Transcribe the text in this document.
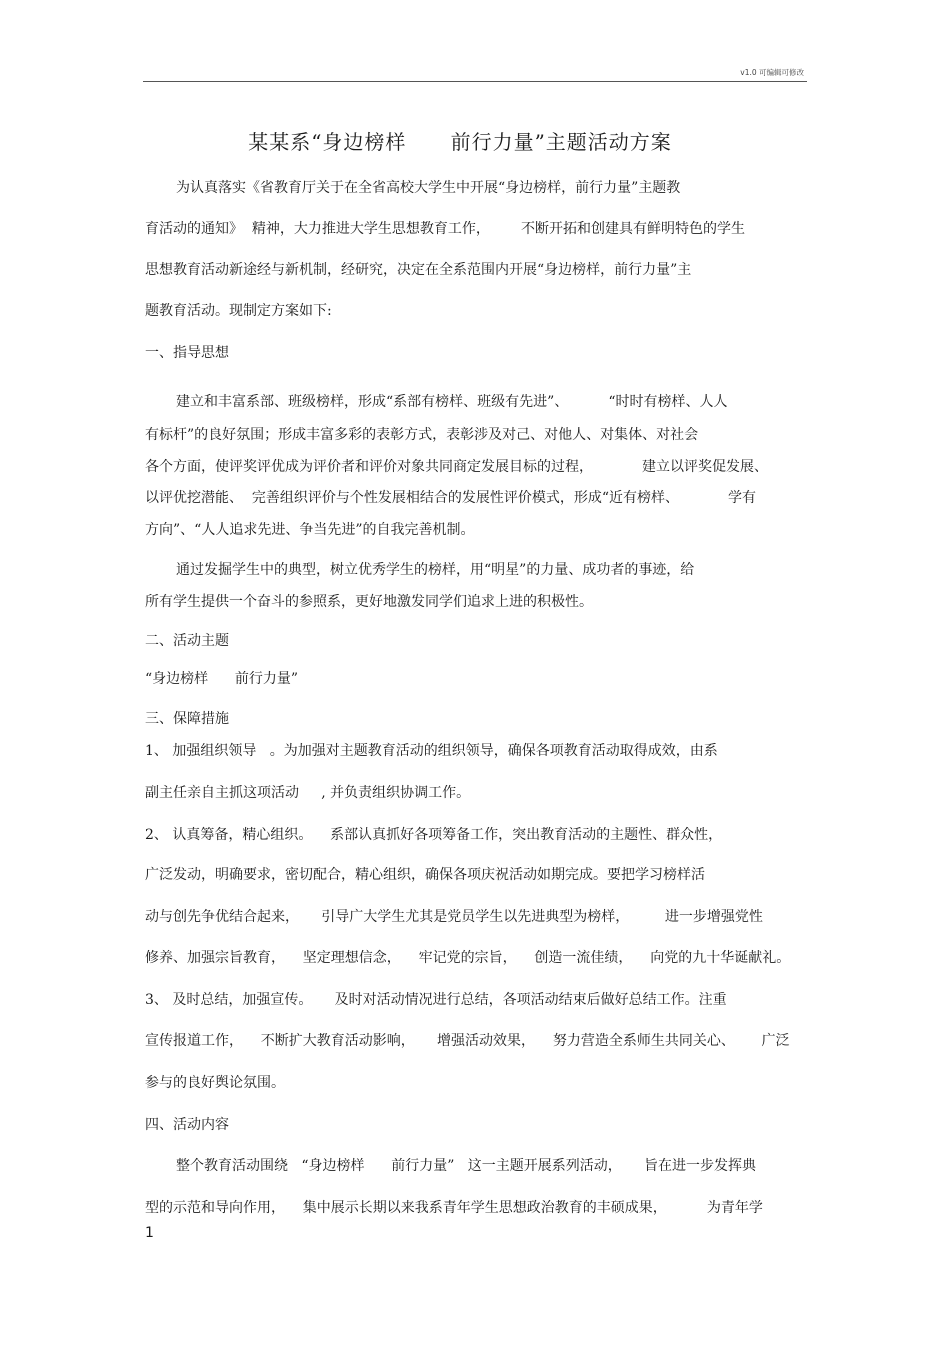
v1.0 可编辑可修改
某某系“身边榜样      前行力量”主题活动方案
为认真落实《省教育厅关于在全省高校大学生中开展“身边榜样，前行力量”主题教
育活动的通知》  精神，大力推进大学生思想教育工作，       不断开拓和创建具有鲜明特色的学生
思想教育活动新途经与新机制，经研究，决定在全系范围内开展“身边榜样，前行力量”主
题教育活动。现制定方案如下:
一、指导思想
建立和丰富系部、班级榜样，形成“系部有榜样、班级有先进”、         “时时有榜样、人人
有标杆”的良好氛围；形成丰富多彩的表彰方式，表彰涉及对己、对他人、对集体、对社会
各个方面，使评奖评优成为评价者和评价对象共同商定发展目标的过程，           建立以评奖促发展、
以评优挖潜能、  完善组织评价与个性发展相结合的发展性评价模式，形成“近有榜样、           学有
方向”、“人人追求先进、争当先进”的自我完善机制。
通过发掘学生中的典型，树立优秀学生的榜样，用“明星”的力量、成功者的事迹，给
所有学生提供一个奋斗的参照系，更好地激发同学们追求上进的积极性。
二、活动主题
“身边榜样      前行力量”
三、保障措施
1、 加强组织领导   。为加强对主题教育活动的组织领导，确保各项教育活动取得成效，由系
副主任亲自主抓这项活动     , 并负责组织协调工作。
2、 认真筹备，精心组织。    系部认真抓好各项筹备工作，突出教育活动的主题性、群众性，
广泛发动，明确要求，密切配合，精心组织，确保各项庆祝活动如期完成。要把学习榜样活
动与创先争优结合起来，     引导广大学生尤其是党员学生以先进典型为榜样，        进一步增强党性
修养、加强宗旨教育，    坚定理想信念，    牢记党的宗旨，    创造一流佳绩，    向党的九十华诞献礼。
3、 及时总结，加强宣传。     及时对活动情况进行总结，各项活动结束后做好总结工作。注重
宣传报道工作，    不断扩大教育活动影响，     增强活动效果，    努力营造全系师生共同关心、      广泛
参与的良好舆论氛围。
四、活动内容
整个教育活动围绕   “身边榜样      前行力量”   这一主题开展系列活动，     旨在进一步发挥典
型的示范和导向作用，    集中展示长期以来我系青年学生思想政治教育的丰硕成果，         为青年学
1
